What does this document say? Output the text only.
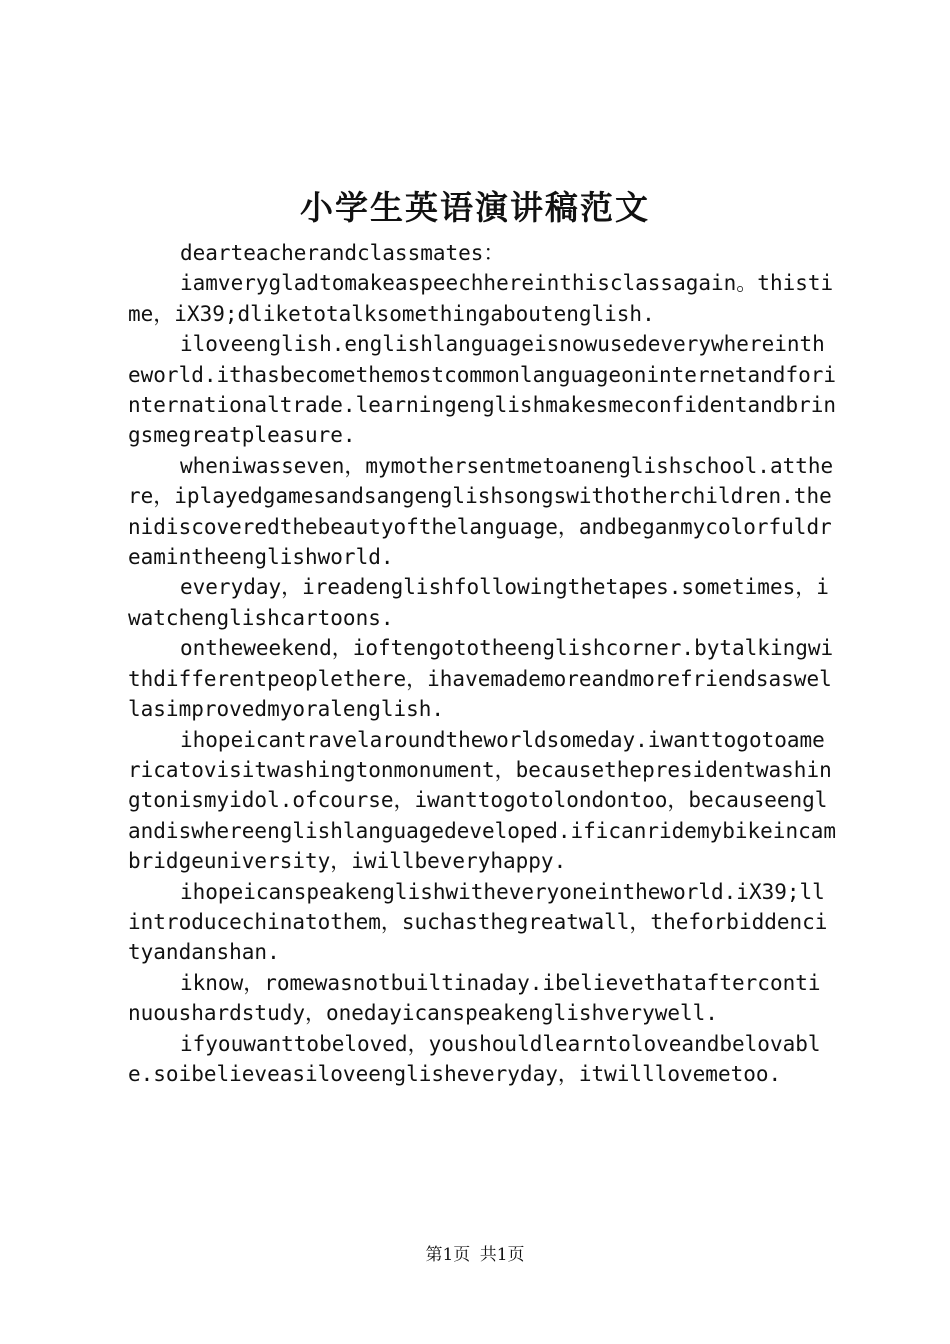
小学生英语演讲稿范文

dearteacherandclassmates：

iamverygladtomakeaspeechhereinthisclassagain。thistime，iX39;dliketotalksomethingaboutenglish.

iloveenglish.englishlanguageisnowusedeverywhereintheworld.ithasbecomethemostcommonlanguageoninternetandforinternationaltrade.learningenglishmakesmeconfidentandbringsmegreatpleasure.

wheniwasseven，mymothersentmetoanenglishschool.atthere，iplayedgamesandsangenglishsongswithotherchildren.thenidiscoveredthebeautyofthelanguage，andbeganmycolorfuldreamintheenglishworld.

everyday，ireadenglishfollowingthetapes.sometimes，iwatchenglishcartoons.

ontheweekend，ioftengototheenglishcorner.bytalkingwithdifferentpeoplethere，ihavemademoreandmorefriendsaswellasimprovedmyoralenglish.

ihopeicantravelaroundtheworldsomeday.iwanttogotoamericatovisitwashingtonmonument，becausethepresidentwashingtonismyidol.ofcourse，iwanttogotolondontoo，becauseenglandiswhereenglishlanguagedeveloped.ificanridemybikeincambridgeuniversity，iwillbeveryhappy.

ihopeicanspeakenglishwitheveryoneintheworld.iX39;llintroducechinatothem，suchasthegreatwall，theforbiddencityandanshan.

iknow，romewasnotbuiltinaday.ibelievethatafterconti nuoushardstudy，onedayicanspeakenglishverywell.

ifyouwanttobeloved，youshouldlearntoloveandbelovable.soibelieveasiloveenglisheveryday，itwilllovemetoo.

第1页 共1页
